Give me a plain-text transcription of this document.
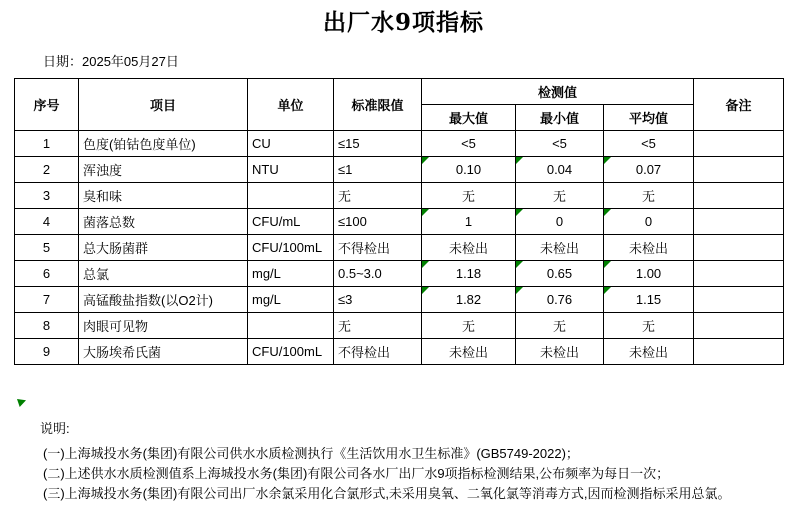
出厂水9项指标
日期：2025年05月27日
序号	项目	单位	标准限值	检测值			备注
				最大值	最小值	平均值	
1	色度(铂钴色度单位)	CU	≤15	<5	<5	<5	
2	浑浊度	NTU	≤1	0.10	0.04	0.07	
3	臭和味		无	无	无	无	
4	菌落总数	CFU/mL	≤100	1	0	0	
5	总大肠菌群	CFU/100mL	不得检出	未检出	未检出	未检出	
6	总氯	mg/L	0.5~3.0	1.18	0.65	1.00	
7	高锰酸盐指数(以O2计)	mg/L	≤3	1.82	0.76	1.15	
8	肉眼可见物		无	无	无	无	
9	大肠埃希氏菌	CFU/100mL	不得检出	未检出	未检出	未检出	
说明:
(一)上海城投水务(集团)有限公司供水水质检测执行《生活饮用水卫生标准》(GB5749-2022)；
(二)上述供水水质检测值系上海城投水务(集团)有限公司各水厂出厂水9项指标检测结果,公布频率为每日一次；
(三)上海城投水务(集团)有限公司出厂水余氯采用化合氯形式,未采用臭氧、二氧化氯等消毒方式,因而检测指标采用总氯。
